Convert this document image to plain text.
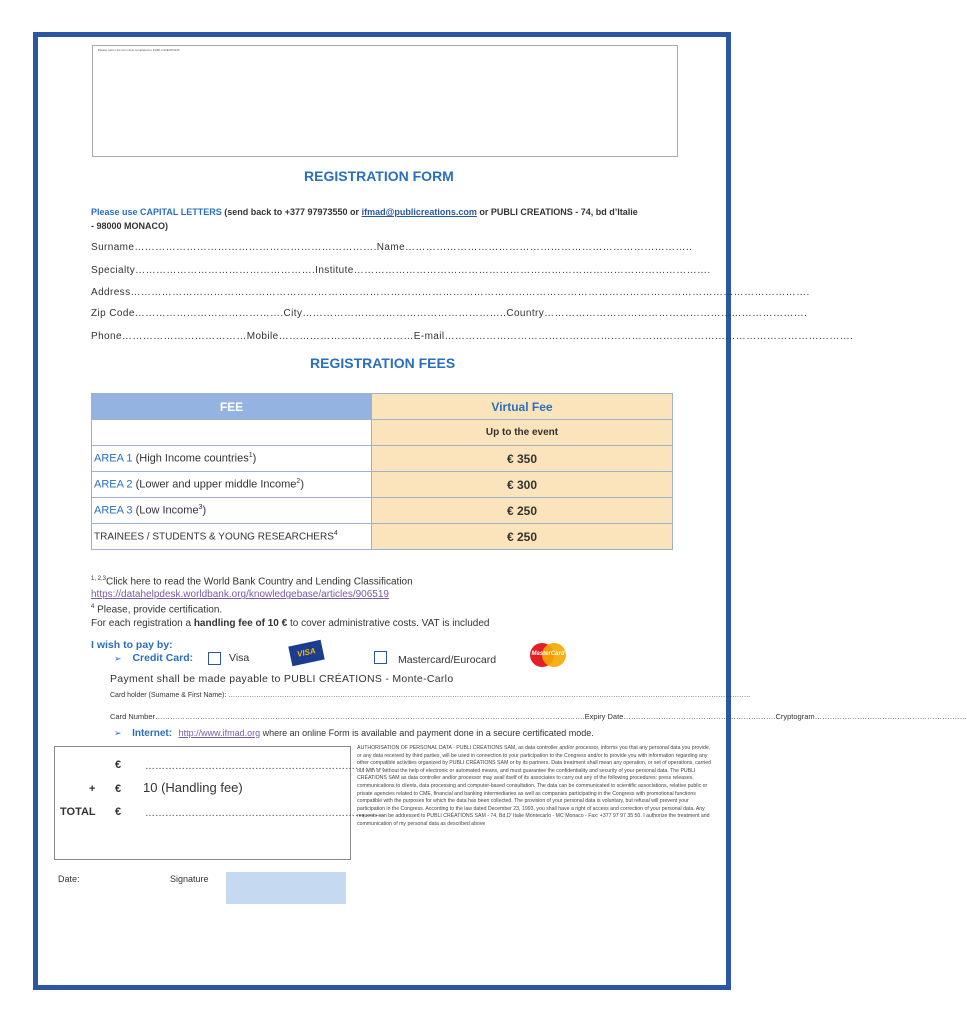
Please return the form duly completed to PUBLI CREATIONS
REGISTRATION FORM
Please use CAPITAL LETTERS (send back to +377 97973550 or ifmad@publicreations.com or PUBLI CREATIONS - 74, bd d’Italie
- 98000 MONACO)
Surname…………………………………………………………….Name………………………………………………………………………..
Specialty…………………………………………….Institute………………………………………………………………………………………….
Address…………………………………………………………………………………………………………………………………………………………………………….
Zip Code…………………………………….City…………………………………………………..Country………………………………………………………………….
Phone………………………………Mobile…………………………………E-mail……………………………………………………………………………………………………….
REGISTRATION FEES
FEE	Virtual Fee
	Up to the event
AREA 1 (High Income countries$^1$)	€ 350
AREA 2 (Lower and upper middle Income$^2$)	€ 300
AREA 3 (Low Income$^3$)	€ 250
TRAINEES / STUDENTS & YOUNG RESEARCHERS$^4$	€ 250
$^{1, 2,3}$Click here to read the World Bank Country and Lending Classification
https://datahelpdesk.worldbank.org/knowledgebase/articles/906519
$^4$ Please, provide certification.
For each registration a handling fee of 10 € to cover administrative costs. VAT is included
I wish to pay by:
➢ Credit Card:	Visa	VISA
Mastercard/Eurocard	MasterCard
Payment shall be made payable to PUBLI CRÉATIONS - Monte-Carlo
Card holder (Surname & First Name): ……………………………………………………………………………………………………………………………………………………………………………………………………..
Card Number……………………………………………………………………………………………………………………………………………………….Expiry Date…………………………………………………….Cryptogram…………………………………………………….
➢ Internet: http://www.ifmad.org where an online Form is available and payment done in a secure certificated mode.
€ ………………………………………………………………
+ € 10 (Handling fee)
TOTAL € ………………………………………………………………
AUTHORISATION OF PERSONAL DATA - PUBLI CRÉATIONS SAM, as data controller and/or processor, informs you that any personal data you provide, or any data received by third parties, will be used in connection to your participation to the Congress and/or to provide you with information regarding any other compatible activities organized by PUBLI CRÉATIONS SAM or by its partners. Data treatment shall mean any operation, or set of operations, carried out with or without the help of electronic or automated means, and must guarantee the confidentiality and security of your personal data. The PUBLI CRÉATIONS SAM as data controller and/or processor may avail itself of its associates to carry out any of the following procedures: press releases, communications to clients, data processing and computer-based consultation. The data can be communicated to scientific associations, relative public or private agencies related to CME, financial and banking intermediaries as well as companies participating in the Congress with promotional functions compatible with the purposes for which the data has been collected. The provision of your personal data is voluntary, but refusal will prevent your participation in the Congress. According to the law dated December 23, 1993, you shall have a right of access and correction of your personal data. Any requests can be addressed to PUBLI CRÉATIONS SAM - 74, Bd.D' Italie Montecarlo - MC Monaco - Fax: +377 97 97 35 50. I authorize the treatment and communication of my personal data as described above
Date:	Signature
